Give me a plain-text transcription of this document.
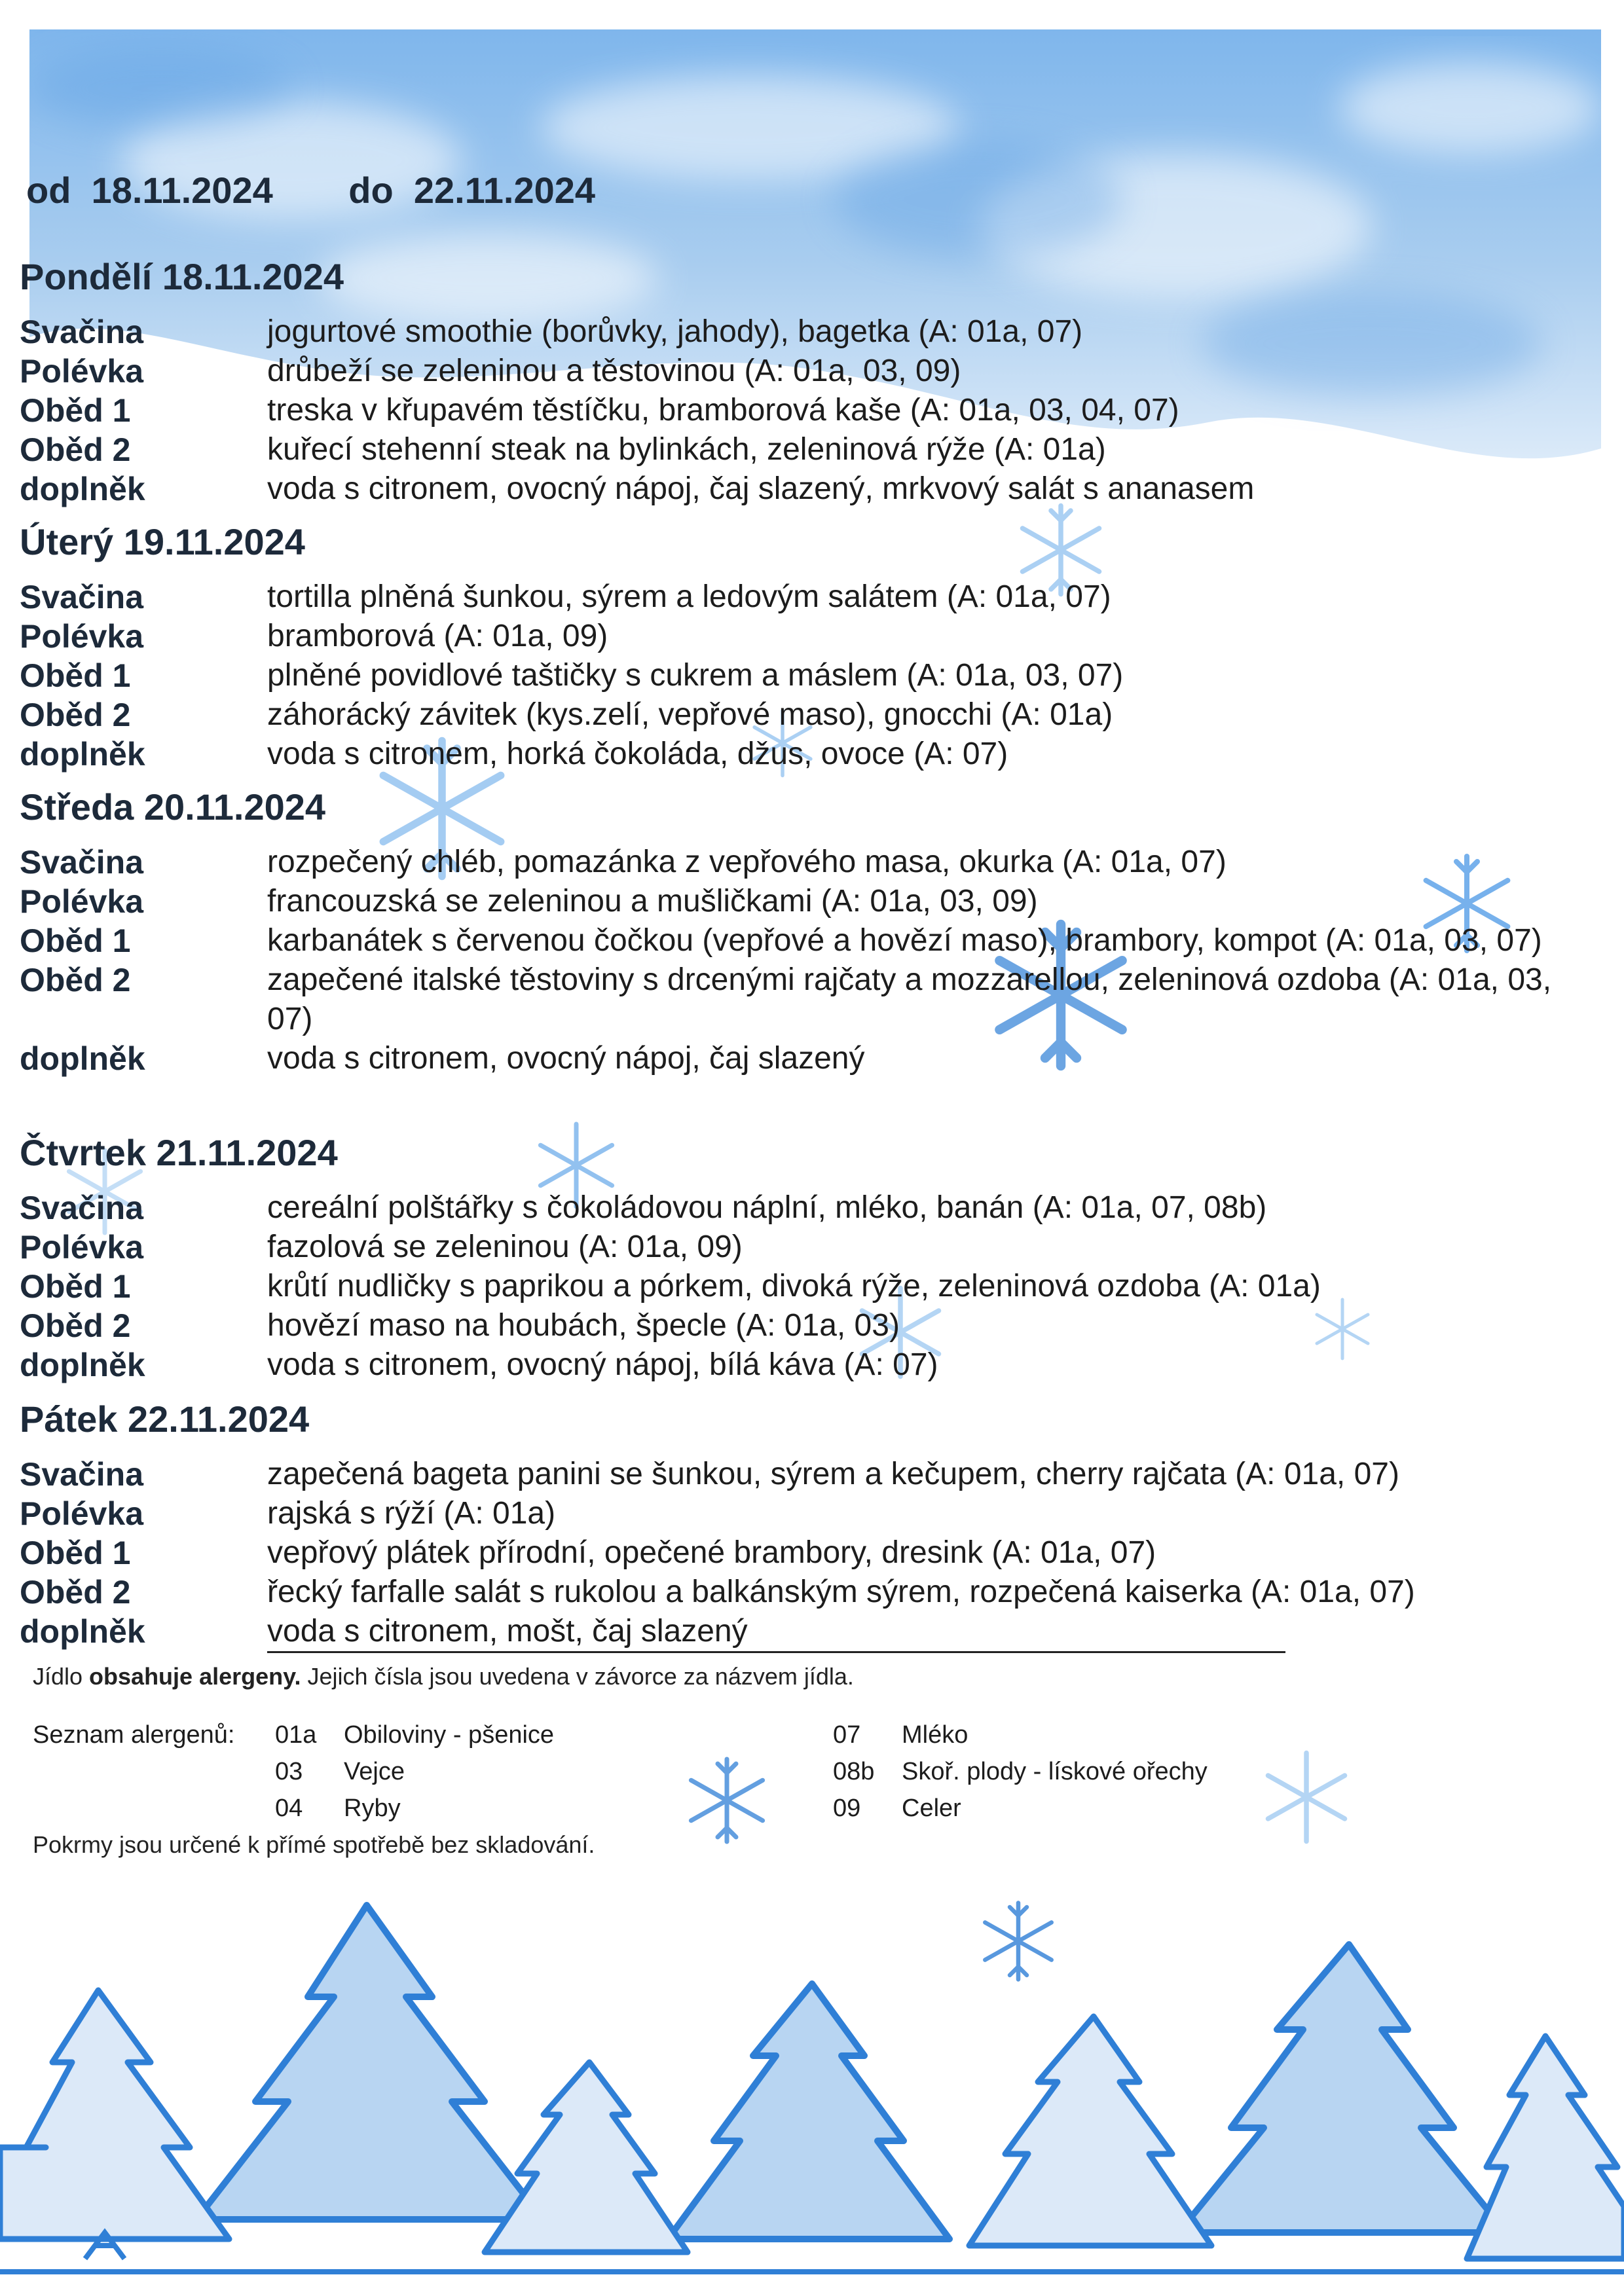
od 18.11.2024 do 22.11.2024

Pondělí 18.11.2024
Svačina	jogurtové smoothie (borůvky, jahody), bagetka (A: 01a, 07)
Polévka	drůbeží se zeleninou a těstovinou (A: 01a, 03, 09)
Oběd 1	treska v křupavém těstíčku, bramborová kaše (A: 01a, 03, 04, 07)
Oběd 2	kuřecí stehenní steak na bylinkách, zeleninová rýže (A: 01a)
doplněk	voda s citronem, ovocný nápoj, čaj slazený, mrkvový salát s ananasem
Úterý 19.11.2024
Svačina	tortilla plněná šunkou, sýrem a ledovým salátem (A: 01a, 07)
Polévka	bramborová (A: 01a, 09)
Oběd 1	plněné povidlové taštičky s cukrem a máslem (A: 01a, 03, 07)
Oběd 2	záhorácký závitek (kys.zelí, vepřové maso), gnocchi (A: 01a)
doplněk	voda s citronem, horká čokoláda, džus, ovoce (A: 07)
Středa 20.11.2024
Svačina	rozpečený chléb, pomazánka z vepřového masa, okurka (A: 01a, 07)
Polévka	francouzská se zeleninou a mušličkami (A: 01a, 03, 09)
Oběd 1	karbanátek s červenou čočkou (vepřové a hovězí maso), brambory, kompot (A: 01a, 03, 07)
Oběd 2	zapečené italské těstoviny s drcenými rajčaty a mozzarellou, zeleninová ozdoba (A: 01a, 03, 07)
doplněk	voda s citronem, ovocný nápoj, čaj slazený
Čtvrtek 21.11.2024
Svačina	cereální polštářky s čokoládovou náplní, mléko, banán (A: 01a, 07, 08b)
Polévka	fazolová se zeleninou (A: 01a, 09)
Oběd 1	krůtí nudličky s paprikou a pórkem, divoká rýže, zeleninová ozdoba (A: 01a)
Oběd 2	hovězí maso na houbách, špecle (A: 01a, 03)
doplněk	voda s citronem, ovocný nápoj, bílá káva (A: 07)
Pátek 22.11.2024
Svačina	zapečená bageta panini se šunkou, sýrem a kečupem, cherry rajčata (A: 01a, 07)
Polévka	rajská s rýží (A: 01a)
Oběd 1	vepřový plátek přírodní, opečené brambory, dresink (A: 01a, 07)
Oběd 2	řecký farfalle salát s rukolou a balkánským sýrem, rozpečená kaiserka (A: 01a, 07)
doplněk	voda s citronem, mošt, čaj slazený
Jídlo obsahuje alergeny. Jejich čísla jsou uvedena v závorce za názvem jídla.
Seznam alergenů: 01a	Obiloviny - pšenice
03	Vejce
04	Ryby
07	Mléko
08b	Skoř. plody - lískové ořechy
09	Celer
Pokrmy jsou určené k přímé spotřebě bez skladování.
